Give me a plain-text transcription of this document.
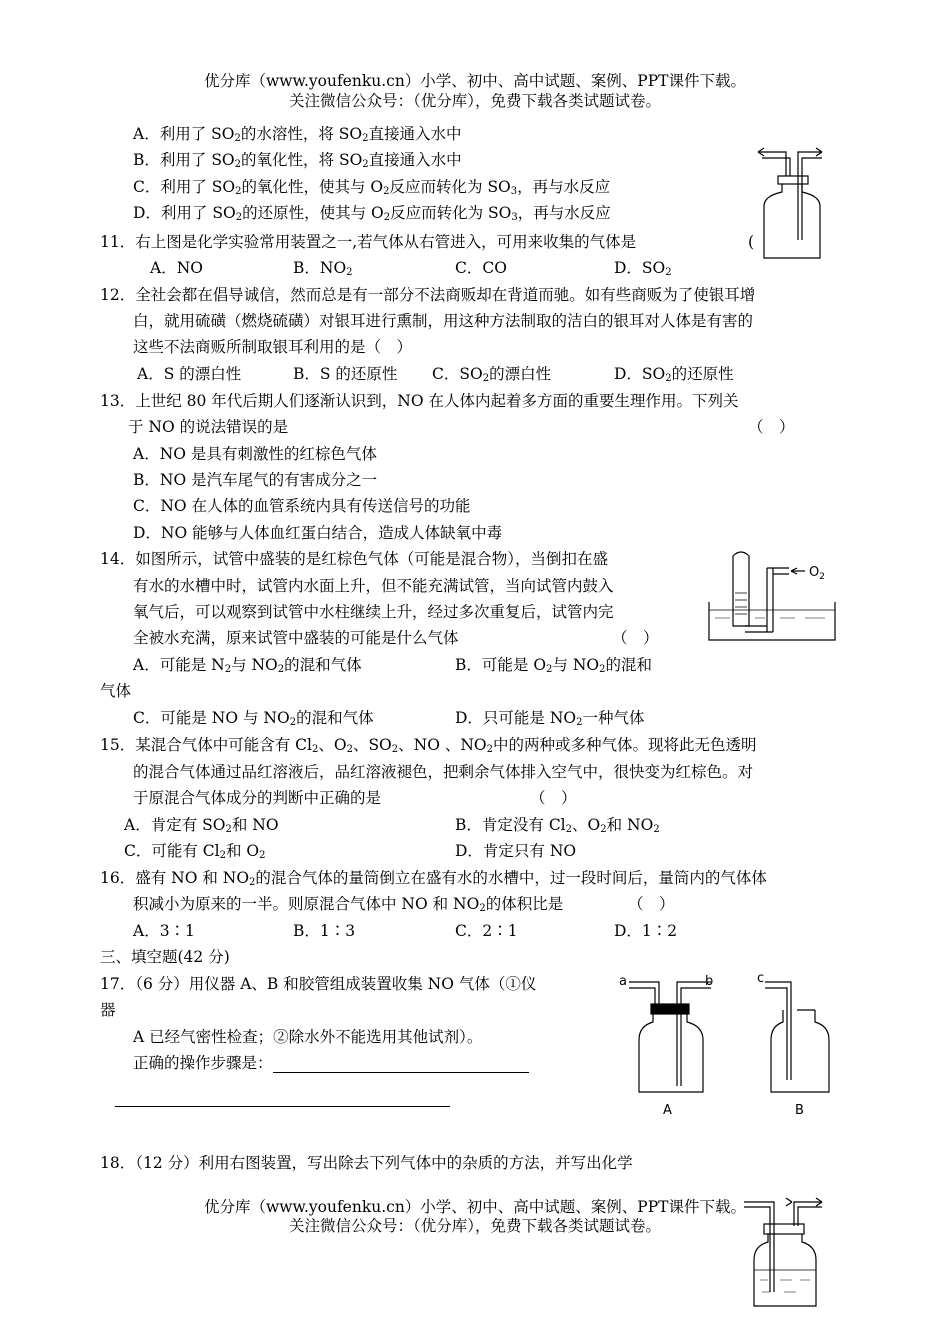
优分库（www.youfenku.cn）小学、初中、高中试题、案例、PPT课件下载。
关注微信公众号：（优分库），免费下载各类试题试卷。
A．利用了 $SO_2$的水溶性，将 $SO_2$直接通入水中
B．利用了 $SO_2$的氧化性，将 $SO_2$直接通入水中
C．利用了 $SO_2$的氧化性，使其与 $O_2$反应而转化为 $SO_3$，再与水反应
D．利用了 $SO_2$的还原性，使其与 $O_2$反应而转化为 $SO_3$，再与水反应
11．右上图是化学实验常用装置之一,若气体从右管进入，可用来收集的气体是	(
A．NO	B．$NO_2$	C．CO	D．$SO_2$
12．全社会都在倡导诚信，然而总是有一部分不法商贩却在背道而驰。如有些商贩为了使银耳增
白，就用硫磺（燃烧硫磺）对银耳进行熏制，用这种方法制取的洁白的银耳对人体是有害的
这些不法商贩所制取银耳利用的是（　）
A．S 的漂白性	B．S 的还原性 C．$SO_2$的漂白性	D．$SO_2$的还原性
13．上世纪 80 年代后期人们逐渐认识到，NO 在人体内起着多方面的重要生理作用。下列关
于 NO 的说法错误的是	（　）
A．NO 是具有刺激性的红棕色气体
B．NO 是汽车尾气的有害成分之一
C．NO 在人体的血管系统内具有传送信号的功能
D．NO 能够与人体血红蛋白结合，造成人体缺氧中毒
14．如图所示，试管中盛装的是红棕色气体（可能是混合物），当倒扣在盛
有水的水槽中时，试管内水面上升，但不能充满试管，当向试管内鼓入
氧气后，可以观察到试管中水柱继续上升，经过多次重复后，试管内完
全被水充满，原来试管中盛装的可能是什么气体	（　）
$O_2$
A．可能是 $N_2$与 $NO_2$的混和气体	B．可能是 $O_2$与 $NO_2$的混和
气体
C．可能是 NO 与 $NO_2$的混和气体	D．只可能是 $NO_2$一种气体
15．某混合气体中可能含有 $Cl_2$、$O_2$、$SO_2$、NO 、$NO_2$中的两种或多种气体。现将此无色透明
的混合气体通过品红溶液后，品红溶液褪色，把剩余气体排入空气中，很快变为红棕色。对
于原混合气体成分的判断中正确的是	（　）
A．肯定有 $SO_2$和 NO	B．肯定没有 $Cl_2$、$O_2$和 $NO_2$
C．可能有 $Cl_2$和 $O_2$	D．肯定只有 NO
16．盛有 NO 和 $NO_2$的混合气体的量筒倒立在盛有水的水槽中，过一段时间后，量筒内的气体体
积减小为原来的一半。则原混合气体中 NO 和 $NO_2$的体积比是	（　）
A．3∶1	B．1∶3	C．2∶1	D．1∶2
三、填空题(42 分)
17．（6 分）用仪器 A、B 和胶管组成装置收集 NO 气体（①仪
器
A 已经气密性检查；②除水外不能选用其他试剂）。
正确的操作步骤是：
a	b	c
A	B
18．（12 分）利用右图装置，写出除去下列气体中的杂质的方法，并写出化学
优分库（www.youfenku.cn）小学、初中、高中试题、案例、PPT课件下载。
关注微信公众号：（优分库），免费下载各类试题试卷。
